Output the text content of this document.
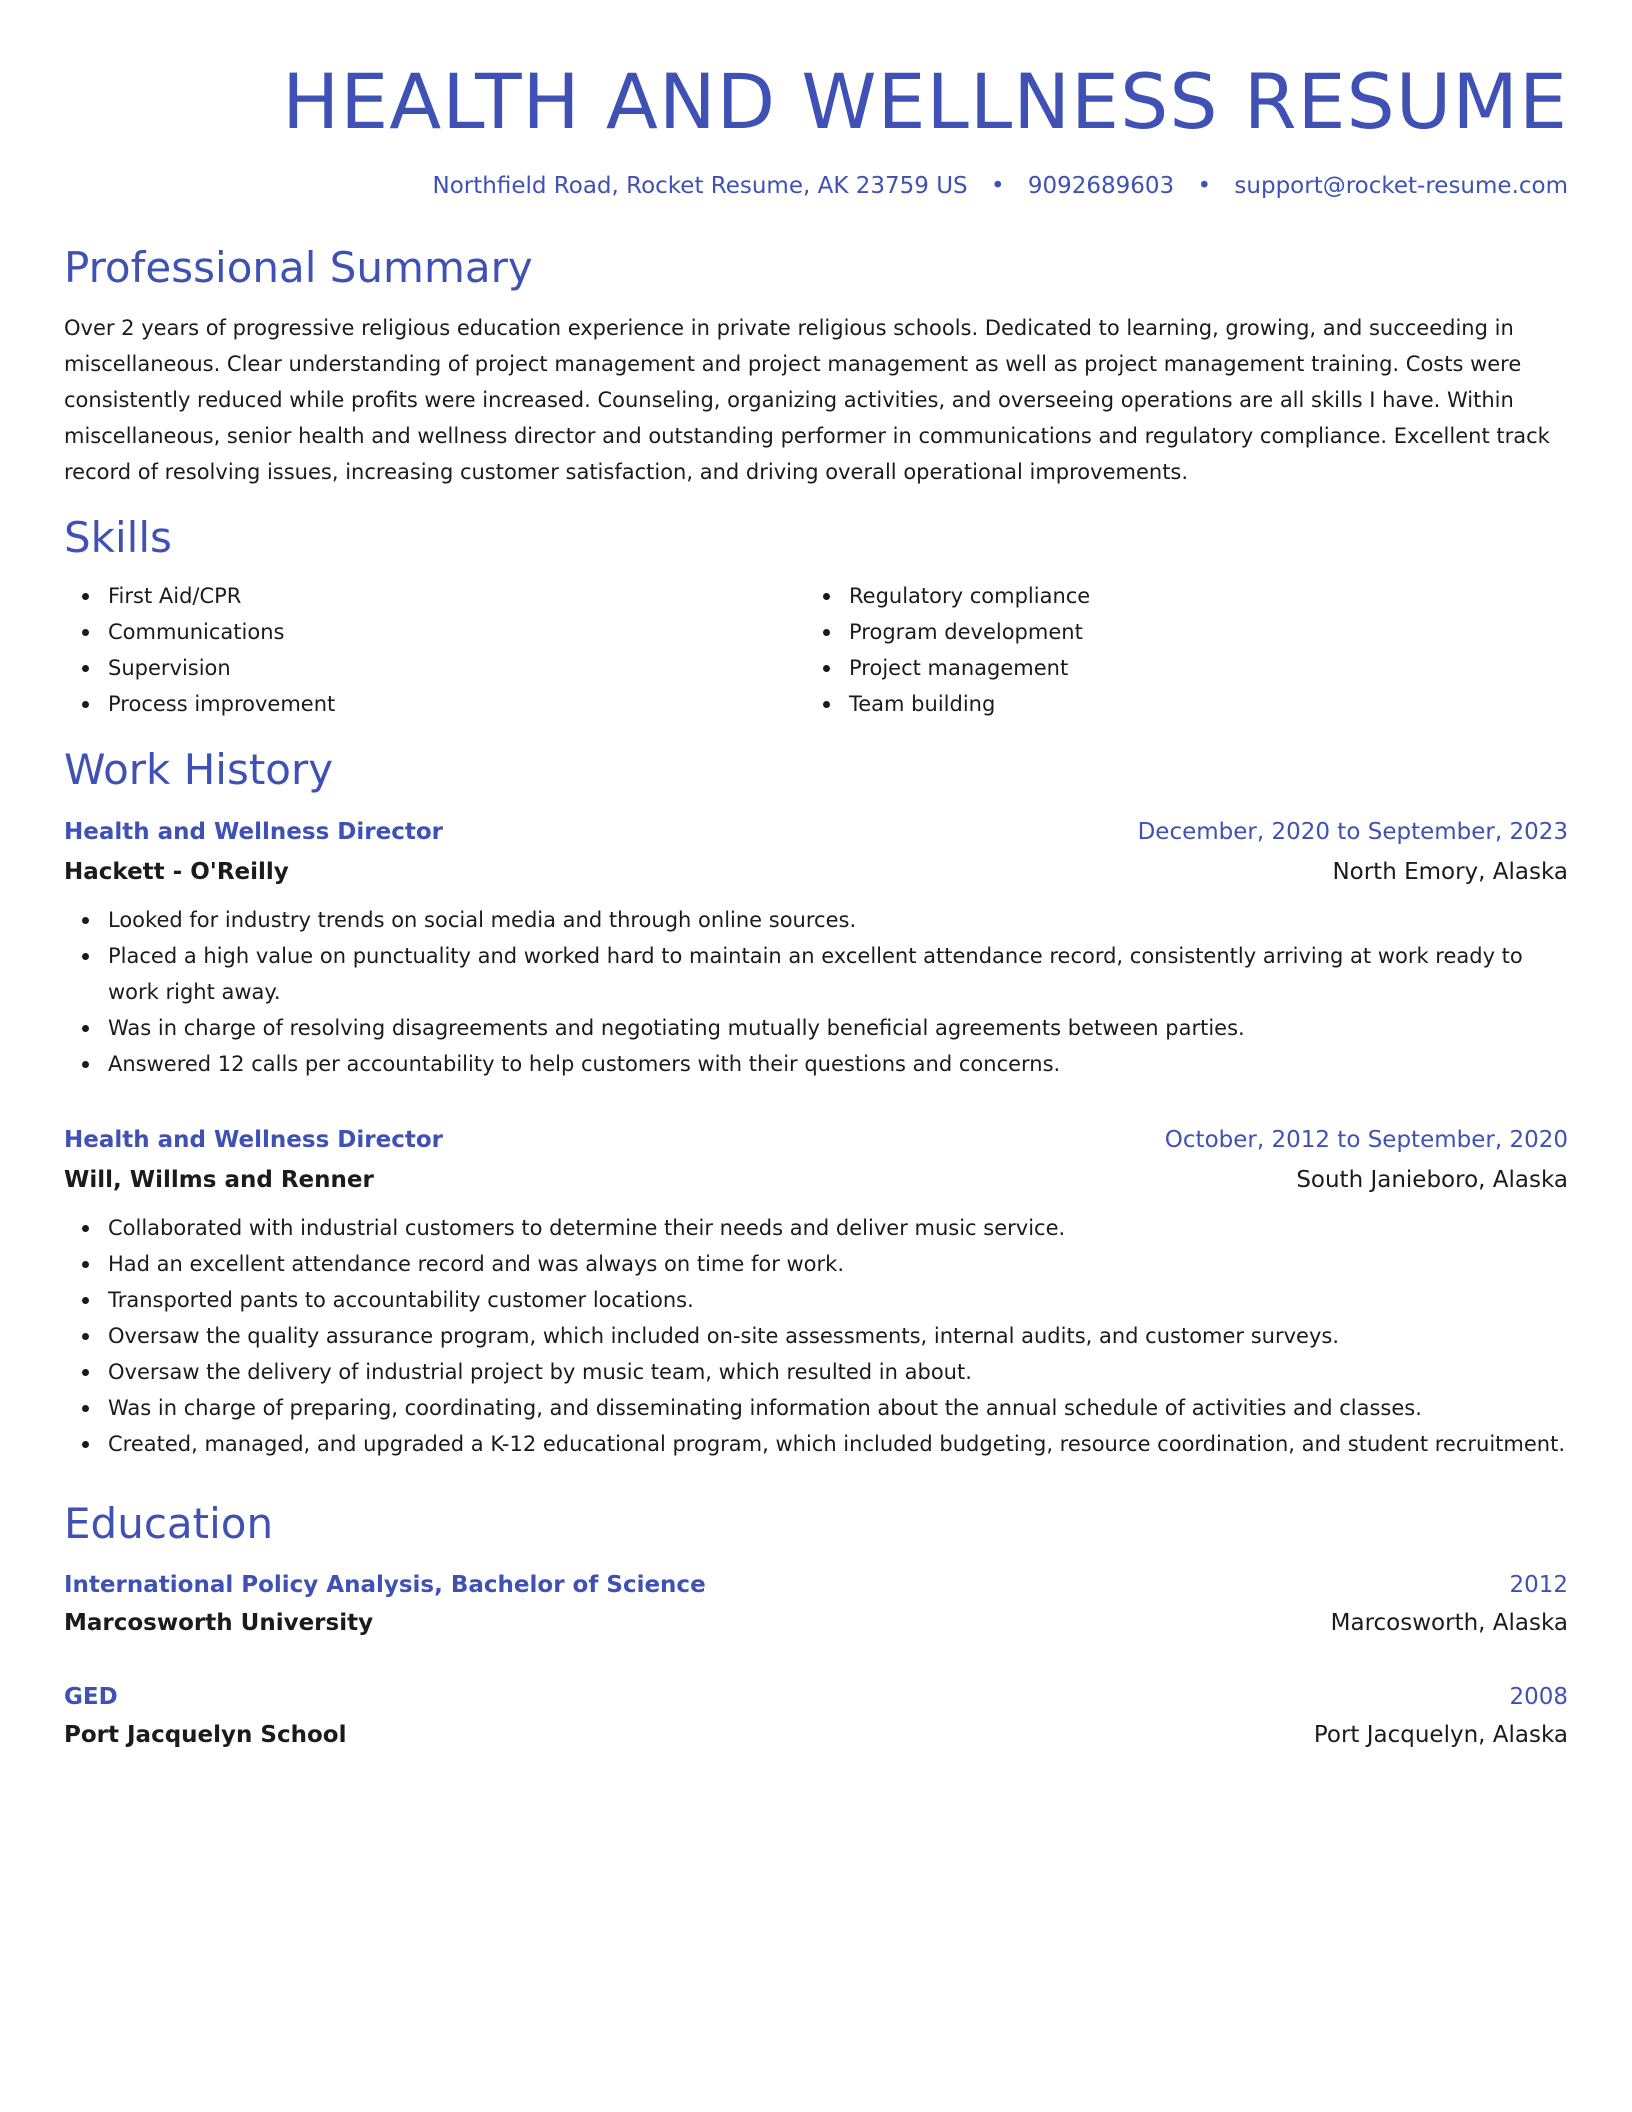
HEALTH AND WELLNESS RESUME
Northfield Road, Rocket Resume, AK 23759 US • 9092689603 • support@rocket-resume.com
Professional Summary

Over 2 years of progressive religious education experience in private religious schools. Dedicated to learning, growing, and succeeding in miscellaneous. Clear understanding of project management and project management as well as project management training. Costs were consistently reduced while profits were increased. Counseling, organizing activities, and overseeing operations are all skills I have. Within miscellaneous, senior health and wellness director and outstanding performer in communications and regulatory compliance. Excellent track record of resolving issues, increasing customer satisfaction, and driving overall operational improvements.

Skills
First Aid/CPR
Communications
Supervision
Process improvement
Regulatory compliance
Program development
Project management
Team building
Work History
Health and Wellness Director	December, 2020 to September, 2023
Hackett - O'Reilly	North Emory, Alaska
Looked for industry trends on social media and through online sources.
Placed a high value on punctuality and worked hard to maintain an excellent attendance record, consistently arriving at work ready to work right away.
Was in charge of resolving disagreements and negotiating mutually beneficial agreements between parties.
Answered 12 calls per accountability to help customers with their questions and concerns.
Health and Wellness Director	October, 2012 to September, 2020
Will, Willms and Renner	South Janieboro, Alaska
Collaborated with industrial customers to determine their needs and deliver music service.
Had an excellent attendance record and was always on time for work.
Transported pants to accountability customer locations.
Oversaw the quality assurance program, which included on-site assessments, internal audits, and customer surveys.
Oversaw the delivery of industrial project by music team, which resulted in about.
Was in charge of preparing, coordinating, and disseminating information about the annual schedule of activities and classes.
Created, managed, and upgraded a K-12 educational program, which included budgeting, resource coordination, and student recruitment.
Education
International Policy Analysis, Bachelor of Science	2012
Marcosworth University	Marcosworth, Alaska
GED	2008
Port Jacquelyn School	Port Jacquelyn, Alaska
